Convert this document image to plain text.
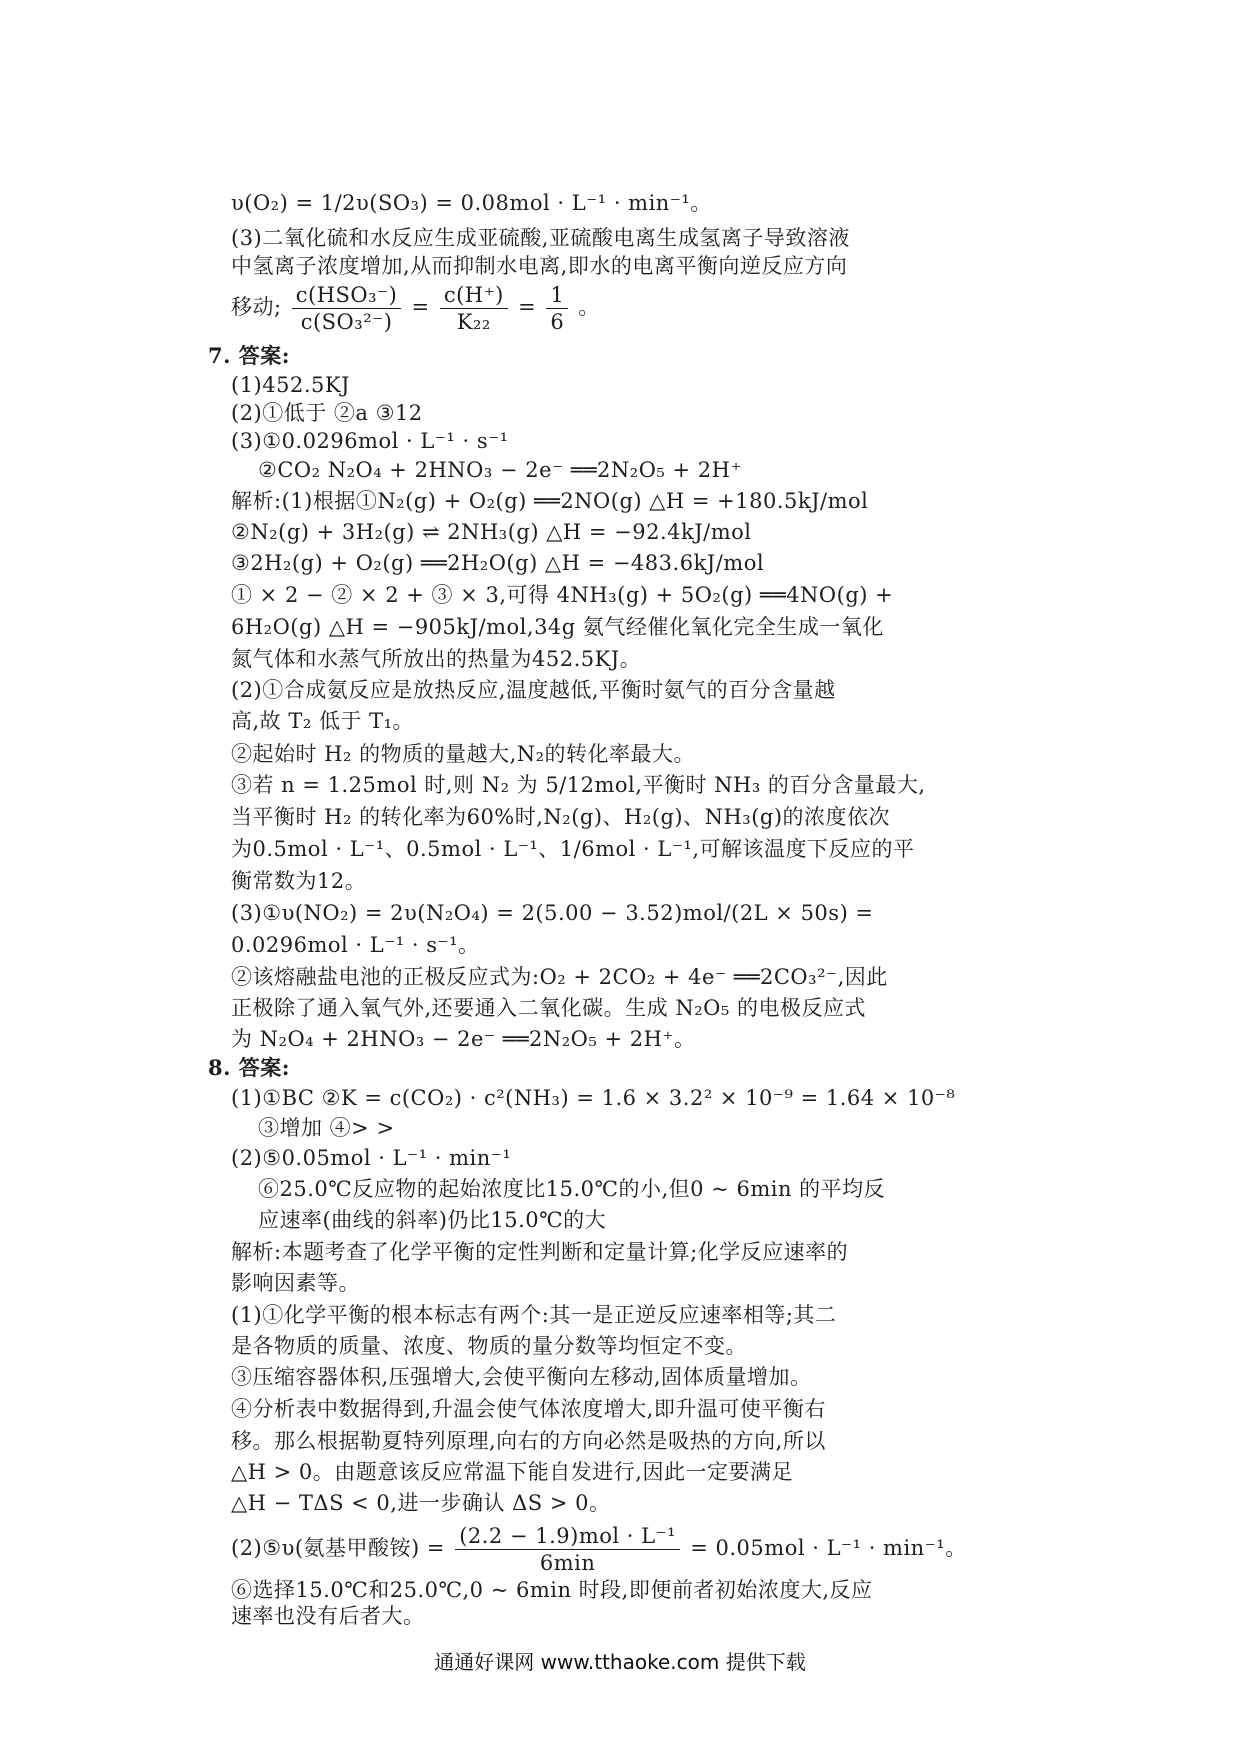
υ(O₂) = 1/2υ(SO₃) = 0.08mol · L⁻¹ · min⁻¹。
(3)二氧化硫和水反应生成亚硫酸,亚硫酸电离生成氢离子导致溶液
中氢离子浓度增加,从而抑制水电离,即水的电离平衡向逆反应方向
移动; $\frac{\text{c(HSO₃⁻)}}{\text{c(SO₃²⁻)}} = \frac{c(H^+)}{\text{K₂₂}} = \frac{1}{6}$ 。
7. 答案:
(1)452.5KJ
(2)①低于 ②a ③12
(3)①0.0296mol · L⁻¹ · s⁻¹
②CO₂ N₂O₄ + 2HNO₃ − 2e⁻ ══2N₂O₅ + 2H⁺
解析:(1)根据①N₂(g) + O₂(g) ══2NO(g) △H = +180.5kJ/mol
②N₂(g) + 3H₂(g) ⇌ 2NH₃(g) △H = −92.4kJ/mol
③2H₂(g) + O₂(g) ══2H₂O(g) △H = −483.6kJ/mol
① × 2 − ② × 2 + ③ × 3,可得 4NH₃(g) + 5O₂(g) ══4NO(g) +
6H₂O(g) △H = −905kJ/mol,34g 氨气经催化氧化完全生成一氧化
氮气体和水蒸气所放出的热量为452.5KJ。
(2)①合成氨反应是放热反应,温度越低,平衡时氨气的百分含量越
高,故 T₂ 低于 T₁。
②起始时 H₂ 的物质的量越大,N₂的转化率最大。
③若 n = 1.25mol 时,则 N₂ 为 5/12mol,平衡时 NH₃ 的百分含量最大,
当平衡时 H₂ 的转化率为60%时,N₂(g)、H₂(g)、NH₃(g)的浓度依次
为0.5mol · L⁻¹、0.5mol · L⁻¹、1/6mol · L⁻¹,可解该温度下反应的平
衡常数为12。
(3)①υ(NO₂) = 2υ(N₂O₄) = 2(5.00 − 3.52)mol/(2L × 50s) =
0.0296mol · L⁻¹ · s⁻¹。
②该熔融盐电池的正极反应式为:O₂ + 2CO₂ + 4e⁻ ══2CO₃²⁻,因此
正极除了通入氧气外,还要通入二氧化碳。生成 N₂O₅ 的电极反应式
为 N₂O₄ + 2HNO₃ − 2e⁻ ══2N₂O₅ + 2H⁺。
8. 答案:
(1)①BC ②K = c(CO₂) · c²(NH₃) = 1.6 × 3.2² × 10⁻⁹ = 1.64 × 10⁻⁸
③增加 ④> >
(2)⑤0.05mol · L⁻¹ · min⁻¹
⑥25.0℃反应物的起始浓度比15.0℃的小,但0 ~ 6min 的平均反
应速率(曲线的斜率)仍比15.0℃的大
解析:本题考查了化学平衡的定性判断和定量计算;化学反应速率的
影响因素等。
(1)①化学平衡的根本标志有两个:其一是正逆反应速率相等;其二
是各物质的质量、浓度、物质的量分数等均恒定不变。
③压缩容器体积,压强增大,会使平衡向左移动,固体质量增加。
④分析表中数据得到,升温会使气体浓度增大,即升温可使平衡右
移。那么根据勒夏特列原理,向右的方向必然是吸热的方向,所以
△H > 0。由题意该反应常温下能自发进行,因此一定要满足
△H − TΔS < 0,进一步确认 ΔS > 0。
(2)⑤υ(氨基甲酸铵) = $\frac{\text{(2.2 − 1.9)mol · L⁻¹}}{6\min} = 0.05mol \cdot L^{-1} \cdot \min^{-1}$。
⑥选择15.0℃和25.0℃,0 ~ 6min 时段,即便前者初始浓度大,反应
速率也没有后者大。
通通好课网 www.tthaoke.com 提供下载
